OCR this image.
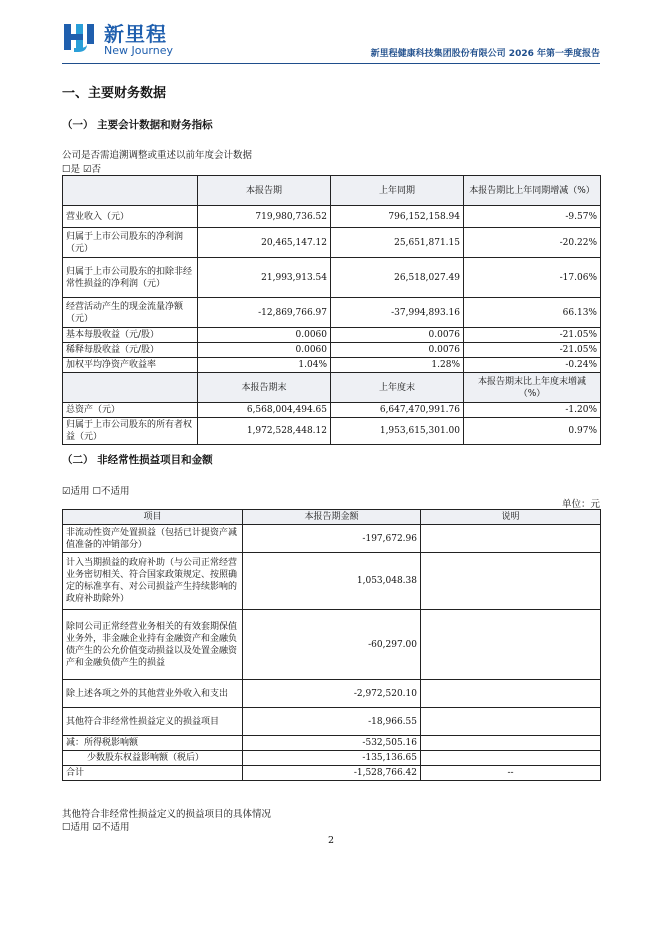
新里程
New Journey	新里程健康科技集团股份有限公司 2026 年第一季度报告
一、主要财务数据
（一） 主要会计数据和财务指标
公司是否需追溯调整或重述以前年度会计数据
☐是 ☑否
	本报告期	上年同期	本报告期比上年同期增减（%）
营业收入（元）	719,980,736.52	796,152,158.94	-9.57%
归属于上市公司股东的净利润（元）	20,465,147.12	25,651,871.15	-20.22%
归属于上市公司股东的扣除非经常性损益的净利润（元）	21,993,913.54	26,518,027.49	-17.06%
经营活动产生的现金流量净额（元）	-12,869,766.97	-37,994,893.16	66.13%
基本每股收益（元/股）	0.0060	0.0076	-21.05%
稀释每股收益（元/股）	0.0060	0.0076	-21.05%
加权平均净资产收益率	1.04%	1.28%	-0.24%
	本报告期末	上年度末	本报告期末比上年度末增减（%）
总资产（元）	6,568,004,494.65	6,647,470,991.76	-1.20%
归属于上市公司股东的所有者权益（元）	1,972,528,448.12	1,953,615,301.00	0.97%
（二） 非经常性损益项目和金额
☑适用 ☐不适用
单位：元
项目	本报告期金额	说明
非流动性资产处置损益（包括已计提资产减值准备的冲销部分）	-197,672.96	
计入当期损益的政府补助（与公司正常经营业务密切相关、符合国家政策规定、按照确定的标准享有、对公司损益产生持续影响的政府补助除外）	1,053,048.38	
除同公司正常经营业务相关的有效套期保值业务外，非金融企业持有金融资产和金融负债产生的公允价值变动损益以及处置金融资产和金融负债产生的损益	-60,297.00	
除上述各项之外的其他营业外收入和支出	-2,972,520.10	
其他符合非经常性损益定义的损益项目	-18,966.55	
减：所得税影响额	-532,505.16	
少数股东权益影响额（税后）	-135,136.65	
合计	-1,528,766.42	--
其他符合非经常性损益定义的损益项目的具体情况
☐适用 ☑不适用
2
